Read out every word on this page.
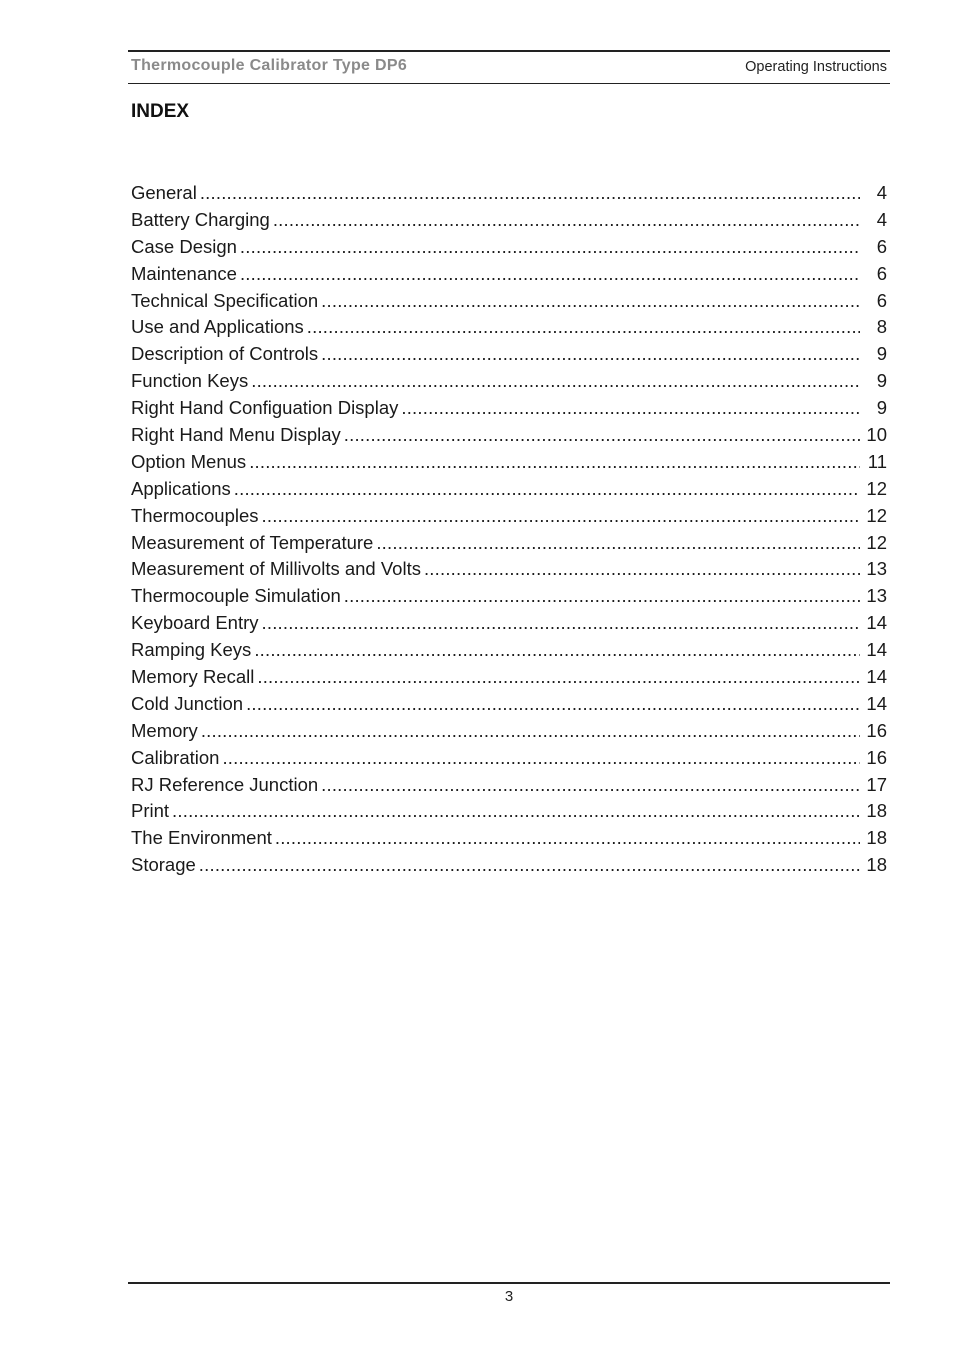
Thermocouple Calibrator Type DP6	Operating Instructions
INDEX
General .....	4
Battery Charging .....	4
Case Design .....	6
Maintenance .....	6
Technical Specification .....	6
Use and Applications .....	8
Description of Controls .....	9
Function Keys .....	9
Right Hand Configuation Display .....	9
Right Hand Menu Display .....	10
Option Menus .....	11
Applications .....	12
Thermocouples .....	12
Measurement of Temperature .....	12
Measurement of Millivolts and Volts .....	13
Thermocouple Simulation .....	13
Keyboard Entry .....	14
Ramping Keys .....	14
Memory Recall .....	14
Cold Junction .....	14
Memory .....	16
Calibration .....	16
RJ Reference Junction .....	17
Print .....	18
The Environment .....	18
Storage .....	18
3
